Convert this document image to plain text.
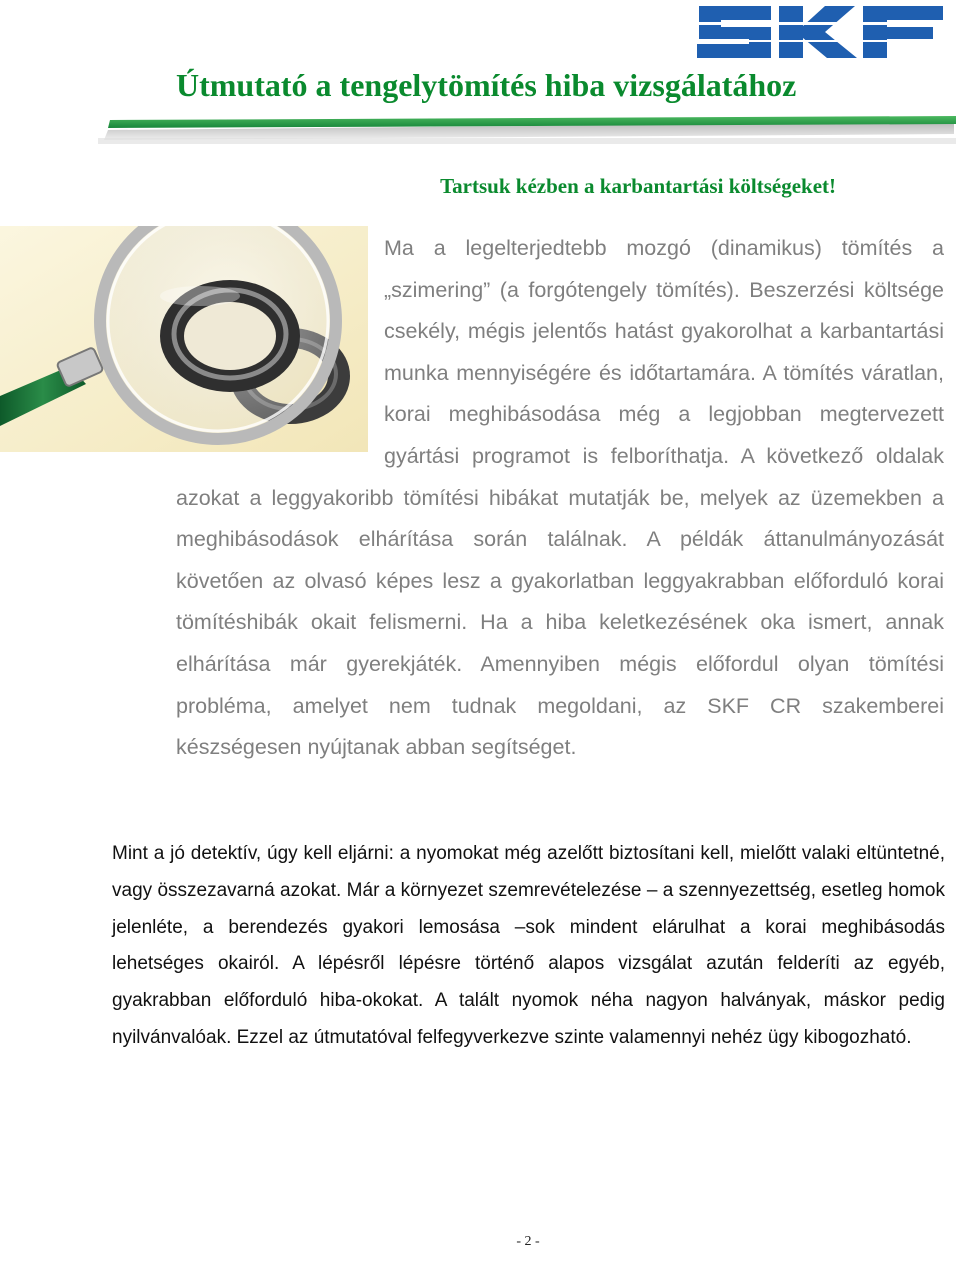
Útmutató a tengelytömítés hiba vizsgálatához

Tartsuk kézben a karbantartási költségeket!

Ma a legelterjedtebb mozgó (dinamikus) tömítés a „szimering” (a forgótengely tömítés). Beszerzési költsége csekély, mégis jelentős hatást gyakorolhat a karbantartási munka mennyiségére és időtartamára. A tömítés váratlan, korai meghibásodása még a legjobban megtervezett gyártási programot is felboríthatja. A következő oldalak azokat a leggyakoribb tömítési hibákat mutatják be, melyek az üzemekben a meghibásodások elhárítása során találnak. A példák áttanulmányozását követően az olvasó képes lesz a gyakorlatban leggyakrabban előforduló korai tömítéshibák okait felismerni. Ha a hiba keletkezésének oka ismert, annak elhárítása már gyerekjáték. Amennyiben mégis előfordul olyan tömítési probléma, amelyet nem tudnak megoldani, az SKF CR szakemberei készségesen nyújtanak abban segítséget.

Mint a jó detektív, úgy kell eljárni: a nyomokat még azelőtt biztosítani kell, mielőtt valaki eltüntetné, vagy összezavarná azokat. Már a környezet szemrevételezése – a szennyezettség, esetleg homok jelenléte, a berendezés gyakori lemosása –sok mindent elárulhat a korai meghibásodás lehetséges okairól. A lépésről lépésre történő alapos vizsgálat azután felderíti az egyéb, gyakrabban előforduló hiba-okokat. A talált nyomok néha nagyon halványak, máskor pedig nyilvánvalóak. Ezzel az útmutatóval felfegyverkezve szinte valamennyi nehéz ügy kibogozható.

- 2 -
